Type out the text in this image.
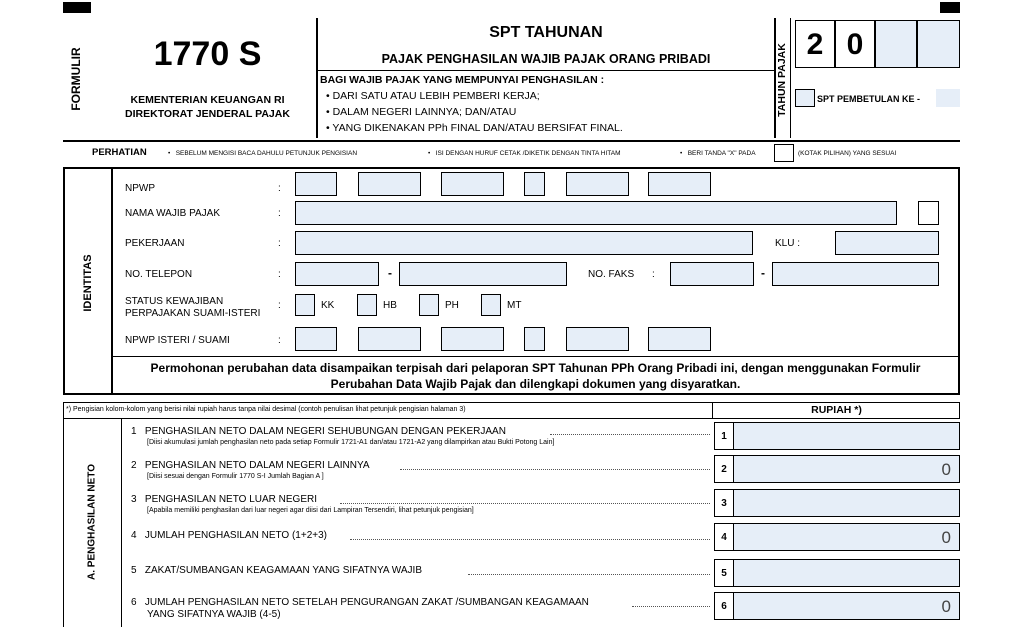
FORMULIR	1770 S
KEMENTERIAN KEUANGAN RI
DIREKTORAT JENDERAL PAJAK
SPT TAHUNAN
PAJAK PENGHASILAN WAJIB PAJAK ORANG PRIBADI
BAGI WAJIB PAJAK YANG MEMPUNYAI PENGHASILAN :
• DARI SATU ATAU LEBIH PEMBERI KERJA;
• DALAM NEGERI LAINNYA; DAN/ATAU
• YANG DIKENAKAN PPh FINAL DAN/ATAU BERSIFAT FINAL.
TAHUN PAJAK 2 0
SPT PEMBETULAN KE -
PERHATIAN	•   SEBELUM MENGISI BACA DAHULU PETUNJUK PENGISIAN	•   ISI DENGAN HURUF CETAK /DIKETIK DENGAN TINTA HITAM	•   BERI TANDA "X" PADA	(KOTAK PILIHAN) YANG SESUAI
IDENTITAS
NPWP	:
NAMA WAJIB PAJAK	:
PEKERJAAN	:	KLU :
NO. TELEPON	:	-	NO. FAKS :	-
STATUS KEWAJIBAN
PERPAJAKAN SUAMI-ISTERI
:	KK	HB	PH	MT
NPWP ISTERI / SUAMI	:
Permohonan perubahan data disampaikan terpisah dari pelaporan SPT Tahunan PPh Orang Pribadi ini, dengan menggunakan Formulir Perubahan Data Wajib Pajak dan dilengkapi dokumen yang disyaratkan.
*) Pengisian kolom-kolom yang berisi nilai rupiah harus tanpa nilai desimal (contoh penulisan lihat petunjuk pengisian halaman 3)	RUPIAH *)
A. PENGHASILAN NETO
1 PENGHASILAN NETO DALAM NEGERI SEHUBUNGAN DENGAN PEKERJAAN
[Diisi akumulasi jumlah penghasilan neto pada setiap Formulir 1721-A1 dan/atau 1721-A2 yang dilampirkan atau Bukti Potong Lain]
1
2 PENGHASILAN NETO DALAM NEGERI LAINNYA
[Diisi sesuai dengan Formulir 1770 S-I Jumlah Bagian A ]
2	0
3 PENGHASILAN NETO LUAR NEGERI
[Apabila memiliki penghasilan dari luar negeri agar diisi dari Lampiran Tersendiri, lihat petunjuk pengisian]
3
4 JUMLAH PENGHASILAN NETO (1+2+3)	4	0
5 ZAKAT/SUMBANGAN KEAGAMAAN YANG SIFATNYA WAJIB	5
6 JUMLAH PENGHASILAN NETO SETELAH PENGURANGAN ZAKAT /SUMBANGAN KEAGAMAAN
YANG SIFATNYA WAJIB (4-5)
6	0
